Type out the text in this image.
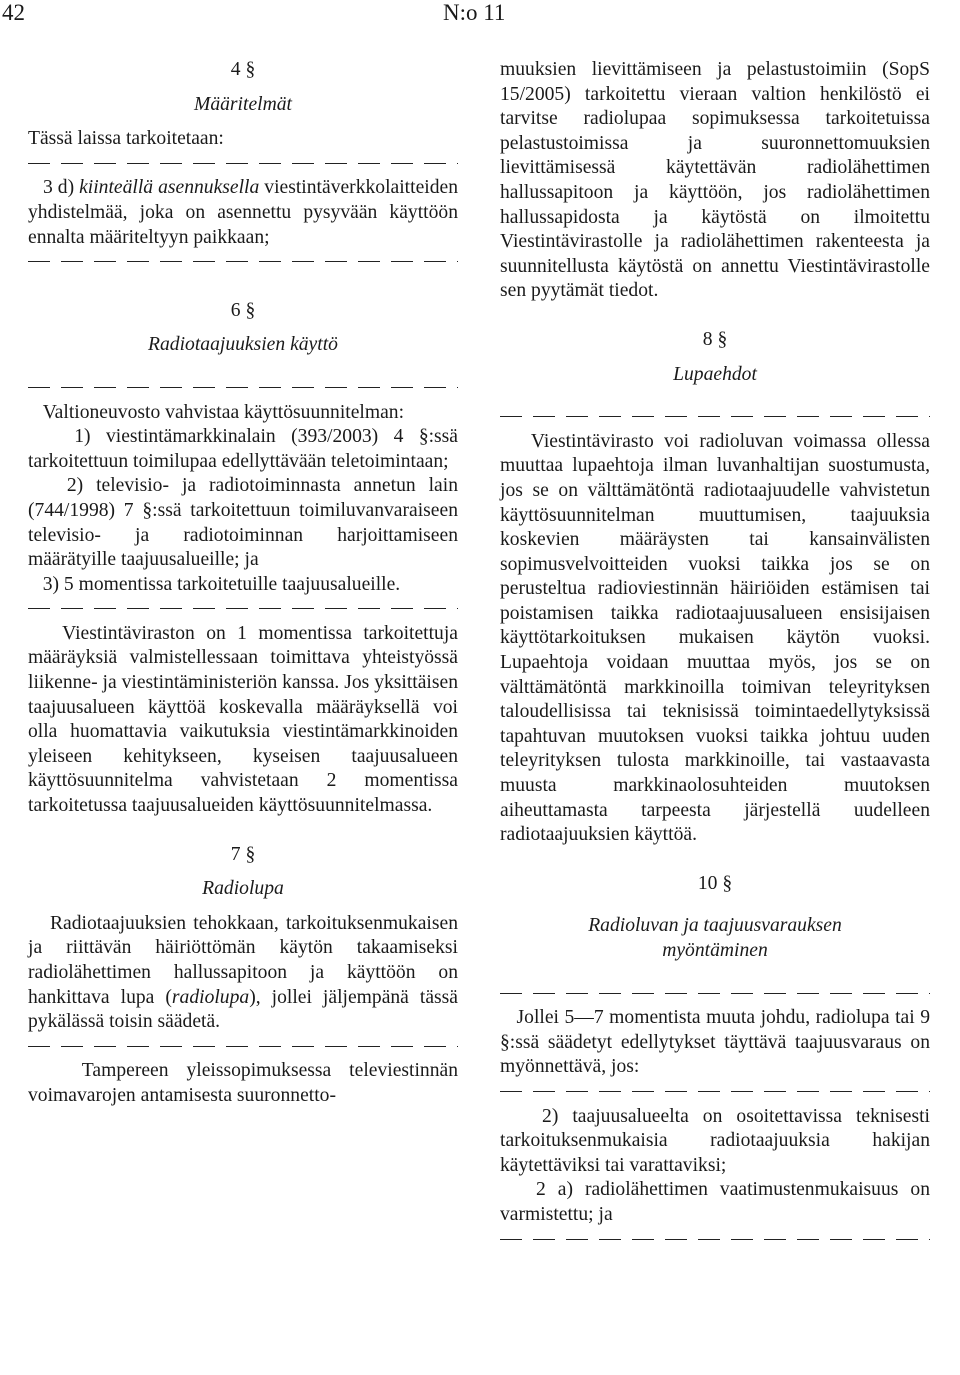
42	N:o 11

4 §

Määritelmät

Tässä laissa tarkoitetaan:

3 d) kiinteällä asennuksella viestintäverkkolaitteiden yhdistelmää, joka on asennettu pysyvään käyttöön ennalta määriteltyyn paikkaan;

6 §

Radiotaajuuksien käyttö

Valtioneuvosto vahvistaa käyttösuunnitelman:

1) viestintämarkkinalain (393/2003) 4 §:ssä tarkoitettuun toimilupaa edellyttävään teletoimintaan;

2) televisio- ja radiotoiminnasta annetun lain (744/1998) 7 §:ssä tarkoitettuun toimiluvanvaraiseen televisio- ja radiotoiminnan harjoittamiseen määrätyille taajuusalueille; ja

3) 5 momentissa tarkoitetuille taajuusalueille.

Viestintäviraston on 1 momentissa tarkoitettuja määräyksiä valmistellessaan toimittava yhteistyössä liikenne- ja viestintäministeriön kanssa. Jos yksittäisen taajuusalueen käyttöä koskevalla määräyksellä voi olla huomattavia vaikutuksia viestintämarkkinoiden yleiseen kehitykseen, kyseisen taajuusalueen käyttösuunnitelma vahvistetaan 2 momentissa tarkoitetussa taajuusalueiden käyttösuunnitelmassa.

7 §

Radiolupa

Radiotaajuuksien tehokkaan, tarkoituksenmukaisen ja riittävän häiriöttömän käytön takaamiseksi radiolähettimen hallussapitoon ja käyttöön on hankittava lupa (radiolupa), jollei jäljempänä tässä pykälässä toisin säädetä.

Tampereen yleissopimuksessa televiestinnän voimavarojen antamisesta suuronnetto-

muuksien lievittämiseen ja pelastustoimiin (SopS 15/2005) tarkoitettu vieraan valtion henkilöstö ei tarvitse radiolupaa sopimuksessa tarkoitetuissa pelastustoimissa ja suuronnettomuuksien lievittämisessä käytettävän radiolähettimen hallussapitoon ja käyttöön, jos radiolähettimen hallussapidosta ja käytöstä on ilmoitettu Viestintävirastolle ja radiolähettimen rakenteesta ja suunnitellusta käytöstä on annettu Viestintävirastolle sen pyytämät tiedot.

8 §

Lupaehdot

Viestintävirasto voi radioluvan voimassa ollessa muuttaa lupaehtoja ilman luvanhaltijan suostumusta, jos se on välttämätöntä radiotaajuudelle vahvistetun käyttösuunnitelman muuttumisen, taajuuksia koskevien määräysten tai kansainvälisten sopimusvelvoitteiden vuoksi taikka jos se on perusteltua radioviestinnän häiriöiden estämisen tai poistamisen taikka radiotaajuusalueen ensisijaisen käyttötarkoituksen mukaisen käytön vuoksi. Lupaehtoja voidaan muuttaa myös, jos se on välttämätöntä markkinoilla toimivan teleyrityksen taloudellisissa tai teknisissä toimintaedellytyksissä tapahtuvan muutoksen vuoksi taikka johtuu uuden teleyrityksen tulosta markkinoille, tai vastaavasta muusta markkinaolosuhteiden muutoksen aiheuttamasta tarpeesta järjestellä uudelleen radiotaajuuksien käyttöä.

10 §

Radioluvan ja taajuusvarauksen

myöntäminen

Jollei 5—7 momentista muuta johdu, radiolupa tai 9 §:ssä säädetyt edellytykset täyttävä taajuusvaraus on myönnettävä, jos:

2) taajuusalueelta on osoitettavissa teknisesti tarkoituksenmukaisia radiotaajuuksia hakijan käytettäviksi tai varattaviksi;

2 a) radiolähettimen vaatimustenmukaisuus on varmistettu; ja
